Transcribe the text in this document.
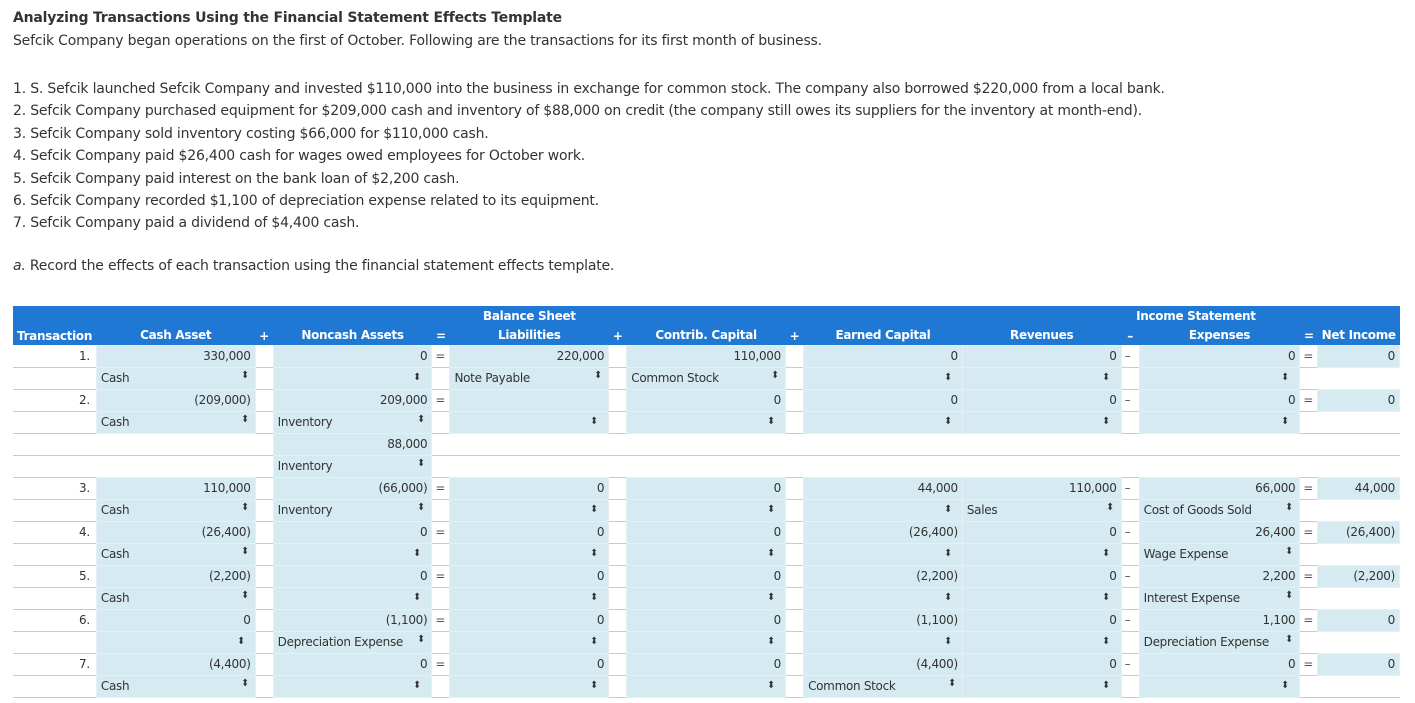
Analyzing Transactions Using the Financial Statement Effects Template
Sefcik Company began operations on the first of October. Following are the transactions for its first month of business.
1. S. Sefcik launched Sefcik Company and invested $110,000 into the business in exchange for common stock. The company also borrowed $220,000 from a local bank.
2. Sefcik Company purchased equipment for $209,000 cash and inventory of $88,000 on credit (the company still owes its suppliers for the inventory at month-end).
3. Sefcik Company sold inventory costing $66,000 for $110,000 cash.
4. Sefcik Company paid $26,400 cash for wages owed employees for October work.
5. Sefcik Company paid interest on the bank loan of $2,200 cash.
6. Sefcik Company recorded $1,100 of depreciation expense related to its equipment.
7. Sefcik Company paid a dividend of $4,400 cash.
a. Record the effects of each transaction using the financial statement effects template.
	Balance Sheet									Income Statement				
Transaction	Cash Asset	+	Noncash Assets	=	Liabilities	+	Contrib. Capital	+	Earned Capital	Revenues	–	Expenses	=	Net Income
1.	330,000		0	=	220,000		110,000		0	0	–	0	=	0
	Cash ⬍		⬍		Note Payable ⬍		Common Stock ⬍		⬍	⬍		⬍		

2.	(209,000)		209,000	=			0		0	0	–	0	=	0
	Cash ⬍		Inventory ⬍		⬍		⬍		⬍	⬍		⬍		

			88,000											
			Inventory ⬍											

3.	110,000		(66,000)	=	0		0		44,000	110,000	–	66,000	=	44,000
	Cash ⬍		Inventory ⬍		⬍		⬍		⬍	Sales ⬍		Cost of Goods Sold ⬍		

4.	(26,400)		0	=	0		0		(26,400)	0	–	26,400	=	(26,400)
	Cash ⬍		⬍		⬍		⬍		⬍	⬍		Wage Expense ⬍		

5.	(2,200)		0	=	0		0		(2,200)	0	–	2,200	=	(2,200)
	Cash ⬍		⬍		⬍		⬍		⬍	⬍		Interest Expense ⬍		

6.	0		(1,100)	=	0		0		(1,100)	0	–	1,100	=	0

	⬍		Depreciation Expense ⬍		⬍		⬍		⬍	⬍		Depreciation Expense ⬍		

7.	(4,400)		0	=	0		0		(4,400)	0	–	0	=	0
	Cash ⬍		⬍		⬍		⬍		Common Stock ⬍	⬍		⬍		
